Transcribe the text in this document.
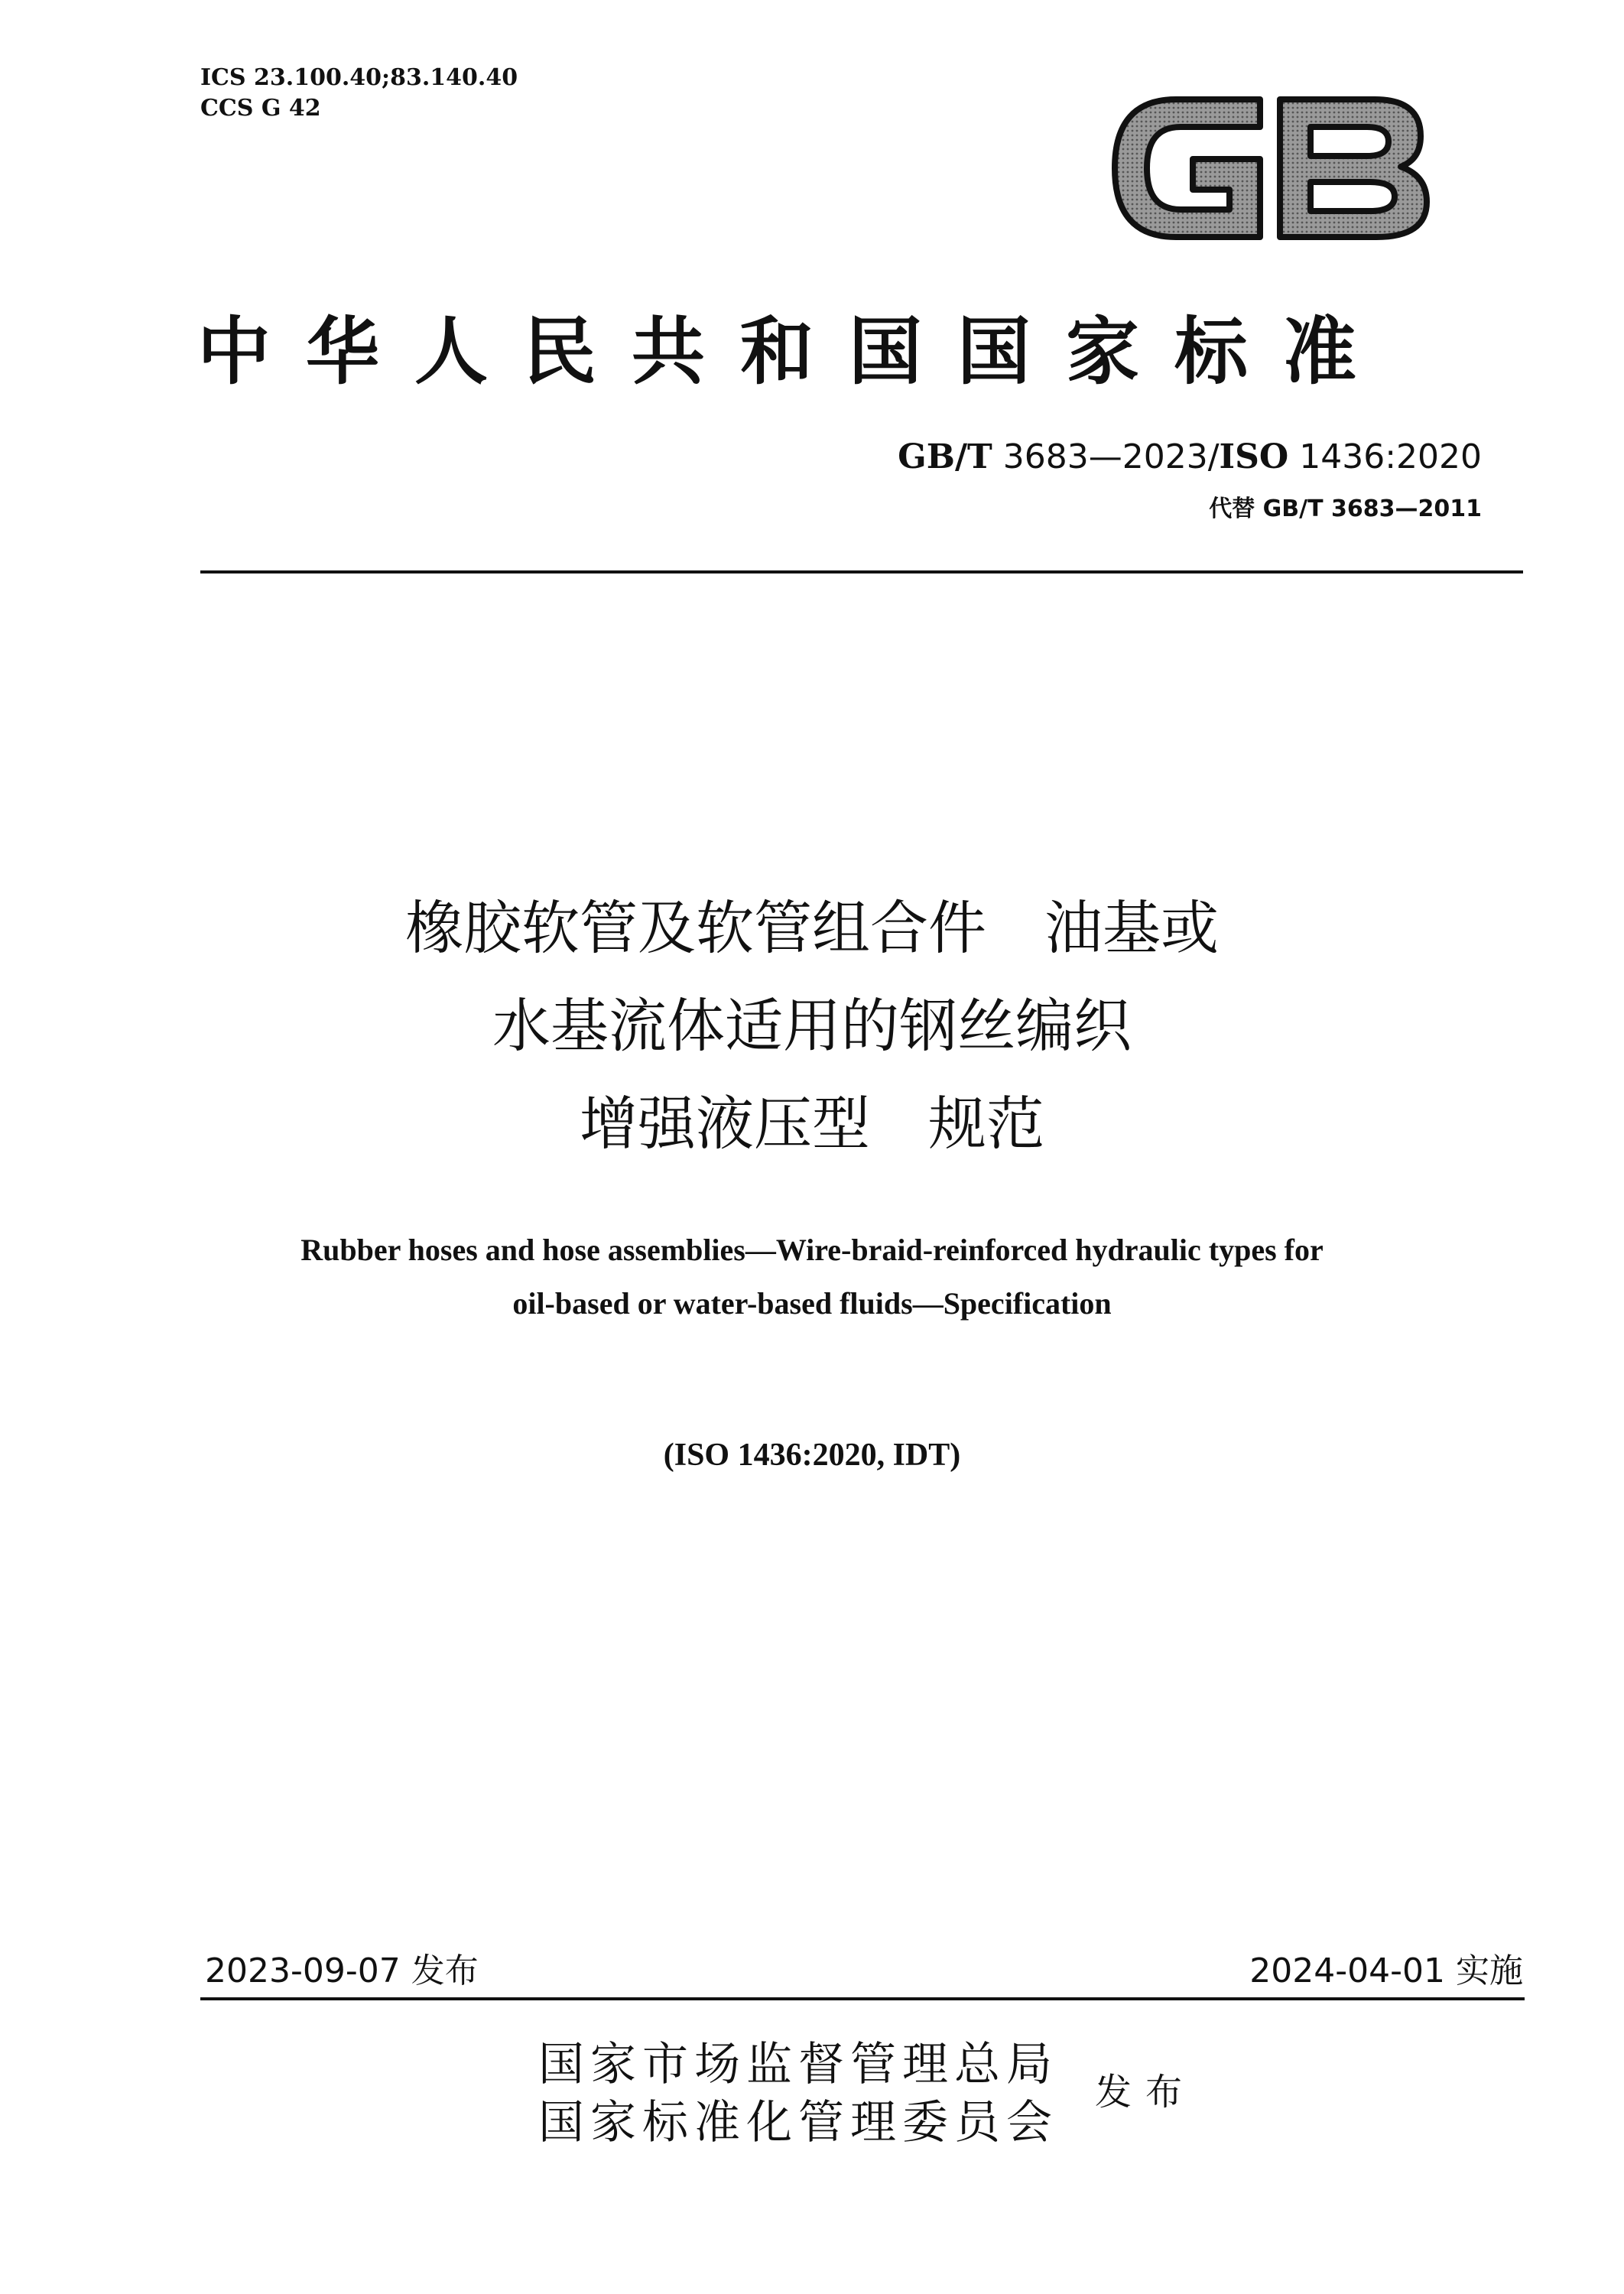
ICS 23.100.40;83.140.40
CCS G 42
中华人民共和国国家标准
GB/T 3683—2023/ISO 1436:2020
代替 GB/T 3683—2011
橡胶软管及软管组合件　油基或
水基流体适用的钢丝编织
增强液压型　规范
Rubber hoses and hose assemblies—Wire-braid-reinforced hydraulic types for
oil-based or water-based fluids—Specification
(ISO 1436:2020, IDT)
2023-09-07 发布	2024-04-01 实施
国家市场监督管理总局
国家标准化管理委员会
发布
